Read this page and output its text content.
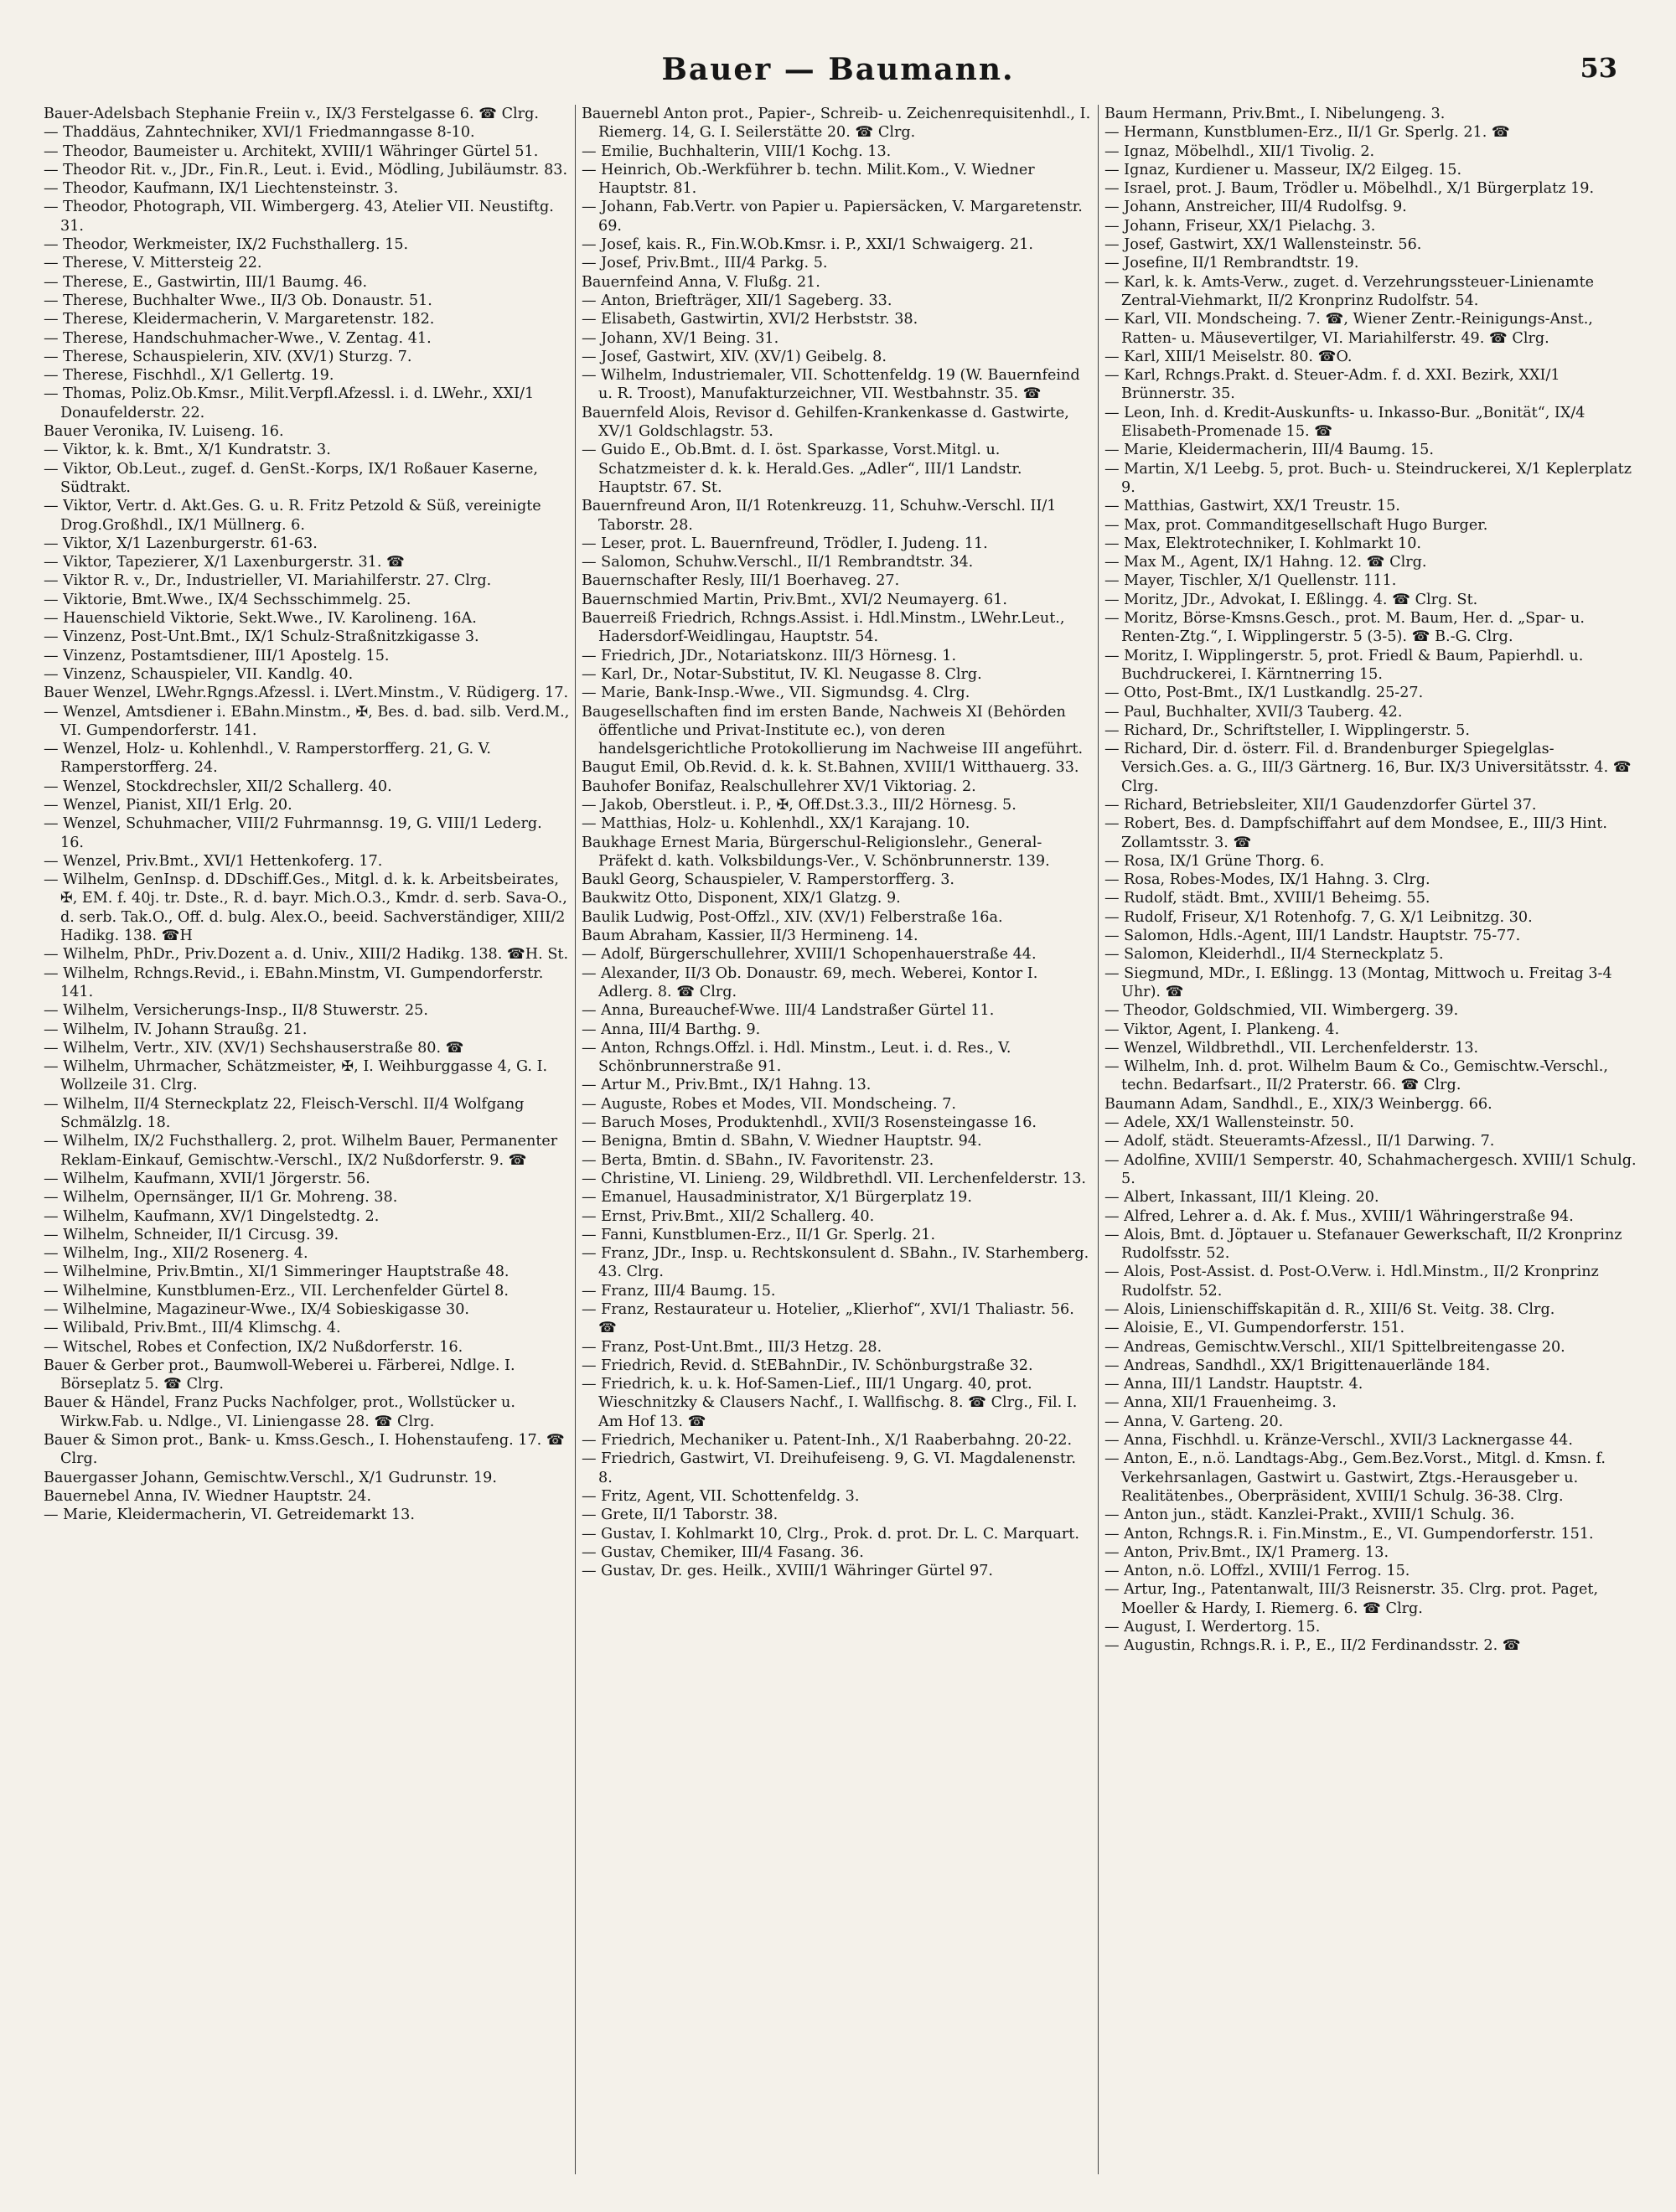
Bauer — Baumann.	53

Bauer-Adelsbach Stephanie Freiin v., IX/3 Ferstelgasse 6. ☎ Clrg.

— Thaddäus, Zahntechniker, XVI/1 Friedmanngasse 8-10.

— Theodor, Baumeister u. Architekt, XVIII/1 Währinger Gürtel 51.

— Theodor Rit. v., JDr., Fin.R., Leut. i. Evid., Mödling, Jubiläumstr. 83.

— Theodor, Kaufmann, IX/1 Liechtensteinstr. 3.

— Theodor, Photograph, VII. Wimbergerg. 43, Atelier VII. Neustiftg. 31.

— Theodor, Werkmeister, IX/2 Fuchsthallerg. 15.

— Therese, V. Mittersteig 22.

— Therese, E., Gastwirtin, III/1 Baumg. 46.

— Therese, Buchhalter Wwe., II/3 Ob. Donaustr. 51.

— Therese, Kleidermacherin, V. Margaretenstr. 182.

— Therese, Handschuhmacher-Wwe., V. Zentag. 41.

— Therese, Schauspielerin, XIV. (XV/1) Sturzg. 7.

— Therese, Fischhdl., X/1 Gellertg. 19.

— Thomas, Poliz.Ob.Kmsr., Milit.Verpfl.Afzessl. i. d. LWehr., XXI/1 Donaufelderstr. 22.

Bauer Veronika, IV. Luiseng. 16.

— Viktor, k. k. Bmt., X/1 Kundratstr. 3.

— Viktor, Ob.Leut., zugef. d. GenSt.-Korps, IX/1 Roßauer Kaserne, Südtrakt.

— Viktor, Vertr. d. Akt.Ges. G. u. R. Fritz Petzold & Süß, vereinigte Drog.Großhdl., IX/1 Müllnerg. 6.

— Viktor, X/1 Lazenburgerstr. 61-63.

— Viktor, Tapezierer, X/1 Laxenburgerstr. 31. ☎

— Viktor R. v., Dr., Industrieller, VI. Mariahilferstr. 27. Clrg.

— Viktorie, Bmt.Wwe., IX/4 Sechsschimmelg. 25.

— Hauenschield Viktorie, Sekt.Wwe., IV. Karolineng. 16A.

— Vinzenz, Post-Unt.Bmt., IX/1 Schulz-Straßnitzkigasse 3.

— Vinzenz, Postamtsdiener, III/1 Apostelg. 15.

— Vinzenz, Schauspieler, VII. Kandlg. 40.

Bauer Wenzel, LWehr.Rgngs.Afzessl. i. LVert.Minstm., V. Rüdigerg. 17.

— Wenzel, Amtsdiener i. EBahn.Minstm., ✠, Bes. d. bad. silb. Verd.M., VI. Gumpendorferstr. 141.

— Wenzel, Holz- u. Kohlenhdl., V. Ramperstorfferg. 21, G. V. Ramperstorfferg. 24.

— Wenzel, Stockdrechsler, XII/2 Schallerg. 40.

— Wenzel, Pianist, XII/1 Erlg. 20.

— Wenzel, Schuhmacher, VIII/2 Fuhrmannsg. 19, G. VIII/1 Lederg. 16.

— Wenzel, Priv.Bmt., XVI/1 Hettenkoferg. 17.

— Wilhelm, GenInsp. d. DDschiff.Ges., Mitgl. d. k. k. Arbeitsbeirates, ✠, EM. f. 40j. tr. Dste., R. d. bayr. Mich.O.3., Kmdr. d. serb. Sava-O., d. serb. Tak.O., Off. d. bulg. Alex.O., beeid. Sachverständiger, XIII/2 Hadikg. 138. ☎H

— Wilhelm, PhDr., Priv.Dozent a. d. Univ., XIII/2 Hadikg. 138. ☎H. St.

— Wilhelm, Rchngs.Revid., i. EBahn.Minstm, VI. Gumpendorferstr. 141.

— Wilhelm, Versicherungs-Insp., II/8 Stuwerstr. 25.

— Wilhelm, IV. Johann Straußg. 21.

— Wilhelm, Vertr., XIV. (XV/1) Sechshauserstraße 80. ☎

— Wilhelm, Uhrmacher, Schätzmeister, ✠, I. Weihburggasse 4, G. I. Wollzeile 31. Clrg.

— Wilhelm, II/4 Sterneckplatz 22, Fleisch-Verschl. II/4 Wolfgang Schmälzlg. 18.

— Wilhelm, IX/2 Fuchsthallerg. 2, prot. Wilhelm Bauer, Permanenter Reklam-Einkauf, Gemischtw.-Verschl., IX/2 Nußdorferstr. 9. ☎

— Wilhelm, Kaufmann, XVII/1 Jörgerstr. 56.

— Wilhelm, Opernsänger, II/1 Gr. Mohreng. 38.

— Wilhelm, Kaufmann, XV/1 Dingelstedtg. 2.

— Wilhelm, Schneider, II/1 Circusg. 39.

— Wilhelm, Ing., XII/2 Rosenerg. 4.

— Wilhelmine, Priv.Bmtin., XI/1 Simmeringer Hauptstraße 48.

— Wilhelmine, Kunstblumen-Erz., VII. Lerchenfelder Gürtel 8.

— Wilhelmine, Magazineur-Wwe., IX/4 Sobieskigasse 30.

— Wilibald, Priv.Bmt., III/4 Klimschg. 4.

— Witschel, Robes et Confection, IX/2 Nußdorferstr. 16.

Bauer & Gerber prot., Baumwoll-Weberei u. Färberei, Ndlge. I. Börseplatz 5. ☎ Clrg.

Bauer & Händel, Franz Pucks Nachfolger, prot., Wollstücker u. Wirkw.Fab. u. Ndlge., VI. Liniengasse 28. ☎ Clrg.

Bauer & Simon prot., Bank- u. Kmss.Gesch., I. Hohenstaufeng. 17. ☎ Clrg.

Bauergasser Johann, Gemischtw.Verschl., X/1 Gudrunstr. 19.

Bauernebel Anna, IV. Wiedner Hauptstr. 24.

— Marie, Kleidermacherin, VI. Getreidemarkt 13.

Bauernebl Anton prot., Papier-, Schreib- u. Zeichenrequisitenhdl., I. Riemerg. 14, G. I. Seilerstätte 20. ☎ Clrg.

— Emilie, Buchhalterin, VIII/1 Kochg. 13.

— Heinrich, Ob.-Werkführer b. techn. Milit.Kom., V. Wiedner Hauptstr. 81.

— Johann, Fab.Vertr. von Papier u. Papiersäcken, V. Margaretenstr. 69.

— Josef, kais. R., Fin.W.Ob.Kmsr. i. P., XXI/1 Schwaigerg. 21.

— Josef, Priv.Bmt., III/4 Parkg. 5.

Bauernfeind Anna, V. Flußg. 21.

— Anton, Briefträger, XII/1 Sageberg. 33.

— Elisabeth, Gastwirtin, XVI/2 Herbststr. 38.

— Johann, XV/1 Being. 31.

— Josef, Gastwirt, XIV. (XV/1) Geibelg. 8.

— Wilhelm, Industriemaler, VII. Schottenfeldg. 19 (W. Bauernfeind u. R. Troost), Manufakturzeichner, VII. Westbahnstr. 35. ☎

Bauernfeld Alois, Revisor d. Gehilfen-Krankenkasse d. Gastwirte, XV/1 Goldschlagstr. 53.

— Guido E., Ob.Bmt. d. I. öst. Sparkasse, Vorst.Mitgl. u. Schatzmeister d. k. k. Herald.Ges. „Adler“, III/1 Landstr. Hauptstr. 67. St.

Bauernfreund Aron, II/1 Rotenkreuzg. 11, Schuhw.-Verschl. II/1 Taborstr. 28.

— Leser, prot. L. Bauernfreund, Trödler, I. Judeng. 11.

— Salomon, Schuhw.Verschl., II/1 Rembrandtstr. 34.

Bauernschafter Resly, III/1 Boerhaveg. 27.

Bauernschmied Martin, Priv.Bmt., XVI/2 Neumayerg. 61.

Bauerreiß Friedrich, Rchngs.Assist. i. Hdl.Minstm., LWehr.Leut., Hadersdorf-Weidlingau, Hauptstr. 54.

— Friedrich, JDr., Notariatskonz. III/3 Hörnesg. 1.

— Karl, Dr., Notar-Substitut, IV. Kl. Neugasse 8. Clrg.

— Marie, Bank-Insp.-Wwe., VII. Sigmundsg. 4. Clrg.

Baugesellschaften find im ersten Bande, Nachweis XI (Behörden öffentliche und Privat-Institute ec.), von deren handelsgerichtliche Protokollierung im Nachweise III angeführt.

Baugut Emil, Ob.Revid. d. k. k. St.Bahnen, XVIII/1 Witthauerg. 33.

Bauhofer Bonifaz, Realschullehrer XV/1 Viktoriag. 2.

— Jakob, Oberstleut. i. P., ✠, Off.Dst.3.3., III/2 Hörnesg. 5.

— Matthias, Holz- u. Kohlenhdl., XX/1 Karajang. 10.

Baukhage Ernest Maria, Bürgerschul-Religionslehr., General-Präfekt d. kath. Volksbildungs-Ver., V. Schönbrunnerstr. 139.

Baukl Georg, Schauspieler, V. Ramperstorfferg. 3.

Baukwitz Otto, Disponent, XIX/1 Glatzg. 9.

Baulik Ludwig, Post-Offzl., XIV. (XV/1) Felberstraße 16a.

Baum Abraham, Kassier, II/3 Hermineng. 14.

— Adolf, Bürgerschullehrer, XVIII/1 Schopenhauerstraße 44.

— Alexander, II/3 Ob. Donaustr. 69, mech. Weberei, Kontor I. Adlerg. 8. ☎ Clrg.

— Anna, Bureauchef-Wwe. III/4 Landstraßer Gürtel 11.

— Anna, III/4 Barthg. 9.

— Anton, Rchngs.Offzl. i. Hdl. Minstm., Leut. i. d. Res., V. Schönbrunnerstraße 91.

— Artur M., Priv.Bmt., IX/1 Hahng. 13.

— Auguste, Robes et Modes, VII. Mondscheing. 7.

— Baruch Moses, Produktenhdl., XVII/3 Rosensteingasse 16.

— Benigna, Bmtin d. SBahn, V. Wiedner Hauptstr. 94.

— Berta, Bmtin. d. SBahn., IV. Favoritenstr. 23.

— Christine, VI. Linieng. 29, Wildbrethdl. VII. Lerchenfelderstr. 13.

— Emanuel, Hausadministrator, X/1 Bürgerplatz 19.

— Ernst, Priv.Bmt., XII/2 Schallerg. 40.

— Fanni, Kunstblumen-Erz., II/1 Gr. Sperlg. 21.

— Franz, JDr., Insp. u. Rechtskonsulent d. SBahn., IV. Starhemberg. 43. Clrg.

— Franz, III/4 Baumg. 15.

— Franz, Restaurateur u. Hotelier, „Klierhof“, XVI/1 Thaliastr. 56. ☎

— Franz, Post-Unt.Bmt., III/3 Hetzg. 28.

— Friedrich, Revid. d. StEBahnDir., IV. Schönburgstraße 32.

— Friedrich, k. u. k. Hof-Samen-Lief., III/1 Ungarg. 40, prot. Wieschnitzky & Clausers Nachf., I. Wallfischg. 8. ☎ Clrg., Fil. I. Am Hof 13. ☎

— Friedrich, Mechaniker u. Patent-Inh., X/1 Raaberbahng. 20-22.

— Friedrich, Gastwirt, VI. Dreihufeiseng. 9, G. VI. Magdalenenstr. 8.

— Fritz, Agent, VII. Schottenfeldg. 3.

— Grete, II/1 Taborstr. 38.

— Gustav, I. Kohlmarkt 10, Clrg., Prok. d. prot. Dr. L. C. Marquart.

— Gustav, Chemiker, III/4 Fasang. 36.

— Gustav, Dr. ges. Heilk., XVIII/1 Währinger Gürtel 97.

Baum Hermann, Priv.Bmt., I. Nibelungeng. 3.

— Hermann, Kunstblumen-Erz., II/1 Gr. Sperlg. 21. ☎

— Ignaz, Möbelhdl., XII/1 Tivolig. 2.

— Ignaz, Kurdiener u. Masseur, IX/2 Eilgeg. 15.

— Israel, prot. J. Baum, Trödler u. Möbelhdl., X/1 Bürgerplatz 19.

— Johann, Anstreicher, III/4 Rudolfsg. 9.

— Johann, Friseur, XX/1 Pielachg. 3.

— Josef, Gastwirt, XX/1 Wallensteinstr. 56.

— Josefine, II/1 Rembrandtstr. 19.

— Karl, k. k. Amts-Verw., zuget. d. Verzehrungssteuer-Linienamte Zentral-Viehmarkt, II/2 Kronprinz Rudolfstr. 54.

— Karl, VII. Mondscheing. 7. ☎, Wiener Zentr.-Reinigungs-Anst., Ratten- u. Mäusevertilger, VI. Mariahilferstr. 49. ☎ Clrg.

— Karl, XIII/1 Meiselstr. 80. ☎O.

— Karl, Rchngs.Prakt. d. Steuer-Adm. f. d. XXI. Bezirk, XXI/1 Brünnerstr. 35.

— Leon, Inh. d. Kredit-Auskunfts- u. Inkasso-Bur. „Bonität“, IX/4 Elisabeth-Promenade 15. ☎

— Marie, Kleidermacherin, III/4 Baumg. 15.

— Martin, X/1 Leebg. 5, prot. Buch- u. Steindruckerei, X/1 Keplerplatz 9.

— Matthias, Gastwirt, XX/1 Treustr. 15.

— Max, prot. Commanditgesellschaft Hugo Burger.

— Max, Elektrotechniker, I. Kohlmarkt 10.

— Max M., Agent, IX/1 Hahng. 12. ☎ Clrg.

— Mayer, Tischler, X/1 Quellenstr. 111.

— Moritz, JDr., Advokat, I. Eßlingg. 4. ☎ Clrg. St.

— Moritz, Börse-Kmsns.Gesch., prot. M. Baum, Her. d. „Spar- u. Renten-Ztg.“, I. Wipplingerstr. 5 (3-5). ☎ B.-G. Clrg.

— Moritz, I. Wipplingerstr. 5, prot. Friedl & Baum, Papierhdl. u. Buchdruckerei, I. Kärntnerring 15.

— Otto, Post-Bmt., IX/1 Lustkandlg. 25-27.

— Paul, Buchhalter, XVII/3 Tauberg. 42.

— Richard, Dr., Schriftsteller, I. Wipplingerstr. 5.

— Richard, Dir. d. österr. Fil. d. Brandenburger Spiegelglas-Versich.Ges. a. G., III/3 Gärtnerg. 16, Bur. IX/3 Universitätsstr. 4. ☎ Clrg.

— Richard, Betriebsleiter, XII/1 Gaudenzdorfer Gürtel 37.

— Robert, Bes. d. Dampfschiffahrt auf dem Mondsee, E., III/3 Hint. Zollamtsstr. 3. ☎

— Rosa, IX/1 Grüne Thorg. 6.

— Rosa, Robes-Modes, IX/1 Hahng. 3. Clrg.

— Rudolf, städt. Bmt., XVIII/1 Beheimg. 55.

— Rudolf, Friseur, X/1 Rotenhofg. 7, G. X/1 Leibnitzg. 30.

— Salomon, Hdls.-Agent, III/1 Landstr. Hauptstr. 75-77.

— Salomon, Kleiderhdl., II/4 Sterneckplatz 5.

— Siegmund, MDr., I. Eßlingg. 13 (Montag, Mittwoch u. Freitag 3-4 Uhr). ☎

— Theodor, Goldschmied, VII. Wimbergerg. 39.

— Viktor, Agent, I. Plankeng. 4.

— Wenzel, Wildbrethdl., VII. Lerchenfelderstr. 13.

— Wilhelm, Inh. d. prot. Wilhelm Baum & Co., Gemischtw.-Verschl., techn. Bedarfsart., II/2 Praterstr. 66. ☎ Clrg.

Baumann Adam, Sandhdl., E., XIX/3 Weinbergg. 66.

— Adele, XX/1 Wallensteinstr. 50.

— Adolf, städt. Steueramts-Afzessl., II/1 Darwing. 7.

— Adolfine, XVIII/1 Semperstr. 40, Schahmachergesch. XVIII/1 Schulg. 5.

— Albert, Inkassant, III/1 Kleing. 20.

— Alfred, Lehrer a. d. Ak. f. Mus., XVIII/1 Währingerstraße 94.

— Alois, Bmt. d. Jöptauer u. Stefanauer Gewerkschaft, II/2 Kronprinz Rudolfsstr. 52.

— Alois, Post-Assist. d. Post-O.Verw. i. Hdl.Minstm., II/2 Kronprinz Rudolfstr. 52.

— Alois, Linienschiffskapitän d. R., XIII/6 St. Veitg. 38. Clrg.

— Aloisie, E., VI. Gumpendorferstr. 151.

— Andreas, Gemischtw.Verschl., XII/1 Spittelbreitengasse 20.

— Andreas, Sandhdl., XX/1 Brigittenauerlände 184.

— Anna, III/1 Landstr. Hauptstr. 4.

— Anna, XII/1 Frauenheimg. 3.

— Anna, V. Garteng. 20.

— Anna, Fischhdl. u. Kränze-Verschl., XVII/3 Lacknergasse 44.

— Anton, E., n.ö. Landtags-Abg., Gem.Bez.Vorst., Mitgl. d. Kmsn. f. Verkehrsanlagen, Gastwirt u. Gastwirt, Ztgs.-Herausgeber u. Realitätenbes., Oberpräsident, XVIII/1 Schulg. 36-38. Clrg.

— Anton jun., städt. Kanzlei-Prakt., XVIII/1 Schulg. 36.

— Anton, Rchngs.R. i. Fin.Minstm., E., VI. Gumpendorferstr. 151.

— Anton, Priv.Bmt., IX/1 Pramerg. 13.

— Anton, n.ö. LOffzl., XVIII/1 Ferrog. 15.

— Artur, Ing., Patentanwalt, III/3 Reisnerstr. 35. Clrg. prot. Paget, Moeller & Hardy, I. Riemerg. 6. ☎ Clrg.

— August, I. Werdertorg. 15.

— Augustin, Rchngs.R. i. P., E., II/2 Ferdinandsstr. 2. ☎
